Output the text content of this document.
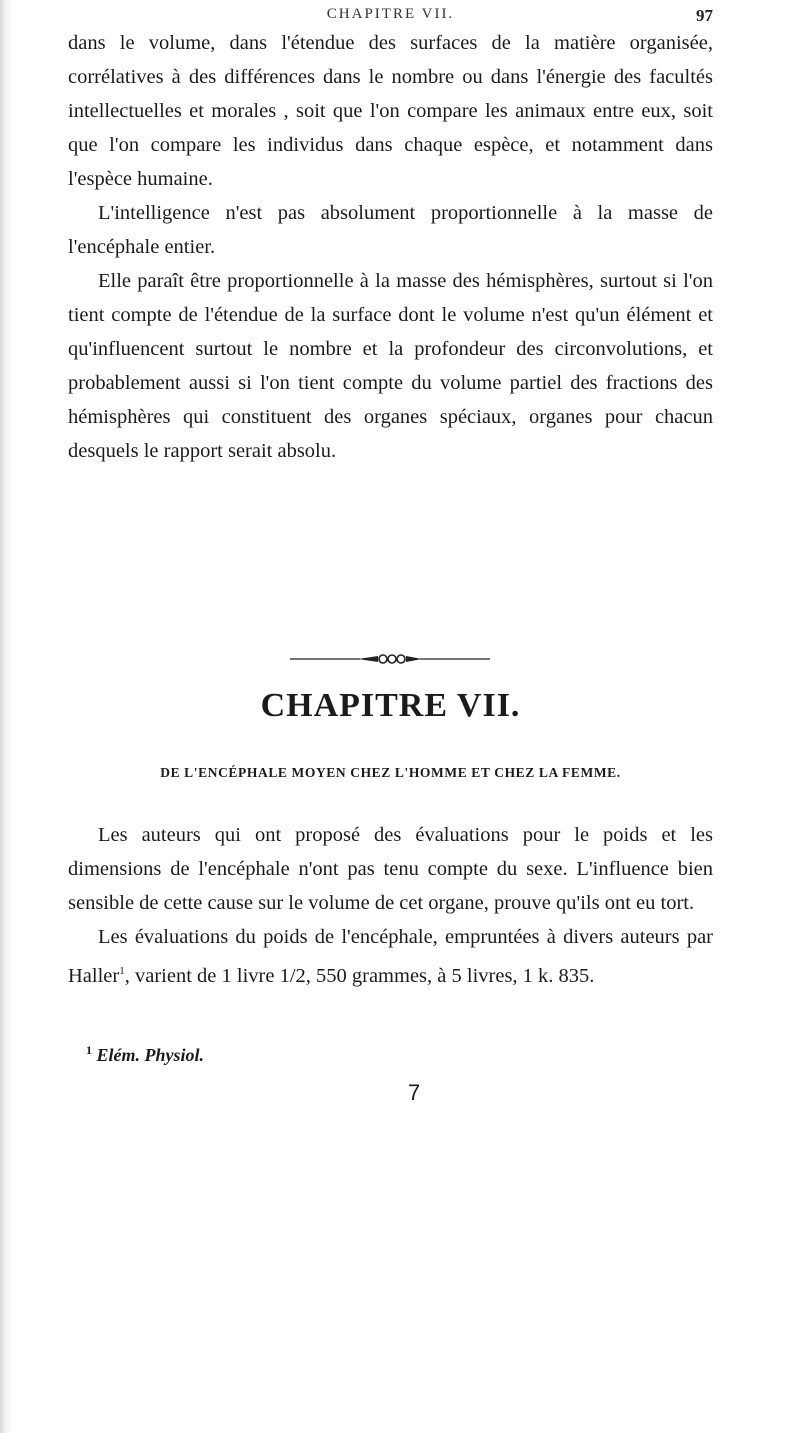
CHAPITRE VII.	97

dans le volume, dans l'étendue des surfaces de la matière organisée, corrélatives à des différences dans le nombre ou dans l'énergie des facultés intellectuelles et morales , soit que l'on compare les animaux entre eux, soit que l'on compare les individus dans chaque espèce, et notamment dans l'espèce humaine.

L'intelligence n'est pas absolument proportionnelle à la masse de l'encéphale entier.

Elle paraît être proportionnelle à la masse des hémisphères, surtout si l'on tient compte de l'étendue de la surface dont le volume n'est qu'un élément et qu'influencent surtout le nombre et la profondeur des circonvolutions, et probablement aussi si l'on tient compte du volume partiel des fractions des hémisphères qui constituent des organes spéciaux, organes pour chacun desquels le rapport serait absolu.

CHAPITRE VII.
DE L'ENCÉPHALE MOYEN CHEZ L'HOMME ET CHEZ LA FEMME.

Les auteurs qui ont proposé des évaluations pour le poids et les dimensions de l'encéphale n'ont pas tenu compte du sexe. L'influence bien sensible de cette cause sur le volume de cet organe, prouve qu'ils ont eu tort.

Les évaluations du poids de l'encéphale, empruntées à divers auteurs par Haller$^1$, varient de 1 livre 1/2, 550 grammes, à 5 livres, 1 k. 835.

$^1$ Elém. Physiol.

7
